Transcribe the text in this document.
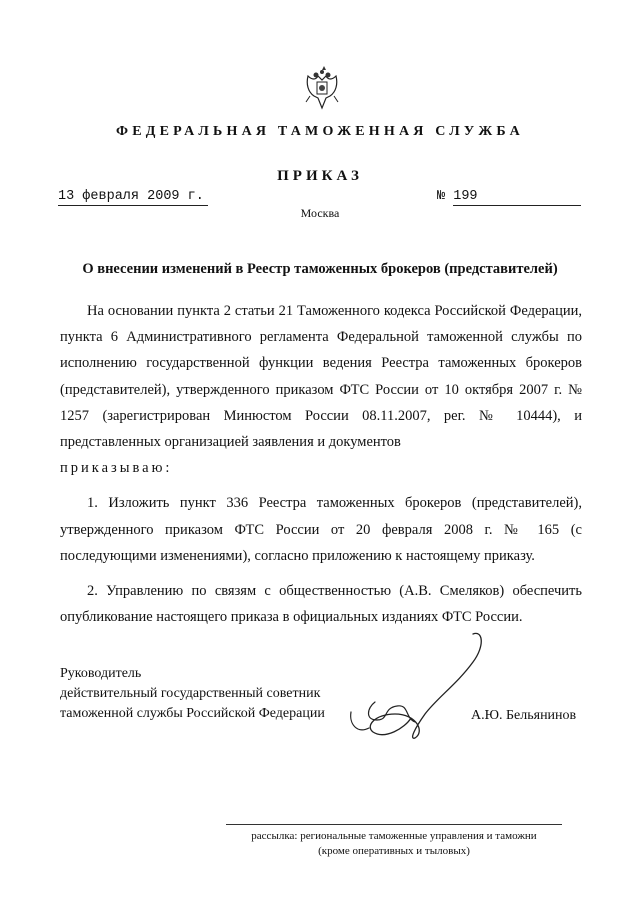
ФЕДЕРАЛЬНАЯ ТАМОЖЕННАЯ СЛУЖБА
ПРИКАЗ
13 февраля 2009 г.	№ 199
Москва
О внесении изменений в Реестр таможенных брокеров (представителей)

На основании пункта 2 статьи 21 Таможенного кодекса Российской Федерации, пункта 6 Административного регламента Федеральной таможенной службы по исполнению государственной функции ведения Реестра таможенных брокеров (представителей), утвержденного приказом ФТС России от 10 октября 2007 г. № 1257 (зарегистрирован Минюстом России 08.11.2007, рег. № 10444), и представленных организацией заявления и документов
приказываю:

1. Изложить пункт 336 Реестра таможенных брокеров (представителей), утвержденного приказом ФТС России от 20 февраля 2008 г. № 165 (с последующими изменениями), согласно приложению к настоящему приказу.

2. Управлению по связям с общественностью (А.В. Смеляков) обеспечить опубликование настоящего приказа в официальных изданиях ФТС России.

Руководитель
действительный государственный советник
таможенной службы Российской Федерации	А.Ю. Бельянинов
рассылка: региональные таможенные управления и таможни
(кроме оперативных и тыловых)
